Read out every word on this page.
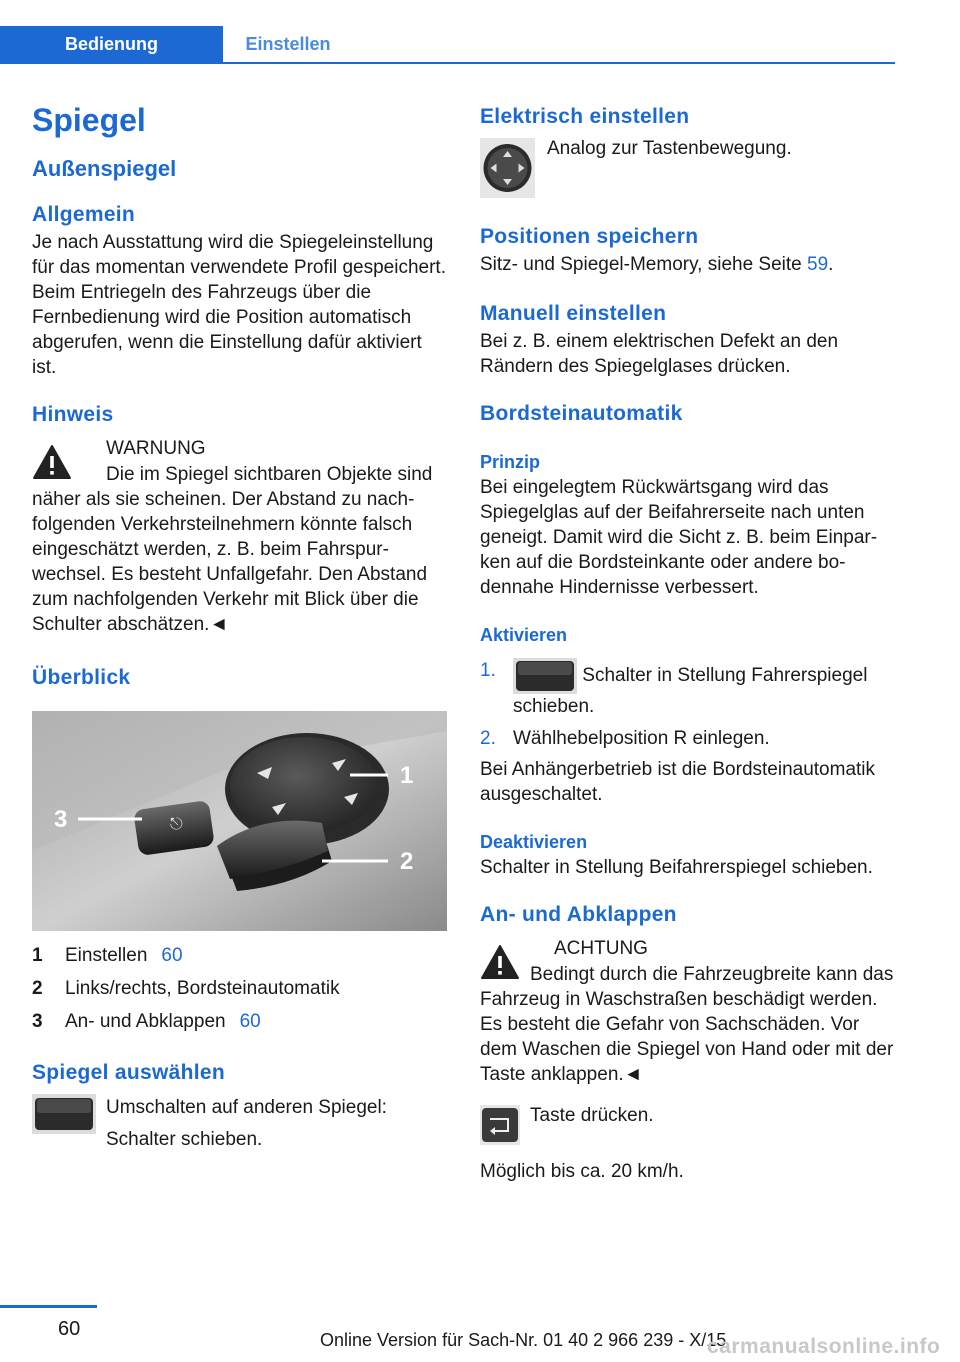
Bedienung	Einstellen
Spiegel
Außenspiegel
Allgemein

Je nach Ausstattung wird die Spiegeleinstellung für das momentan verwendete Profil gespeichert. Beim Entriegeln des Fahrzeugs über die Fernbedienung wird die Position automatisch abgerufen, wenn die Einstellung dafür aktiviert ist.

Hinweis

WARNUNG

Die im Spiegel sichtbaren Objekte sind näher als sie scheinen. Der Abstand zu nachfolgenden Verkehrsteilnehmern könnte falsch eingeschätzt werden, z. B. beim Fahrspurwechsel. Es besteht Unfallgefahr. Den Abstand zum nachfolgenden Verkehr mit Blick über die Schulter abschätzen.◄

Überblick
⎋
1
2
3
1	Einstellen 60
2	Links/rechts, Bordsteinautomatik
3	An- und Abklappen 60
Spiegel auswählen

Umschalten auf anderen Spiegel:

Schalter schieben.

Elektrisch einstellen

Analog zur Tastenbewegung.

Positionen speichern

Sitz- und Spiegel-Memory, siehe Seite 59.

Manuell einstellen

Bei z. B. einem elektrischen Defekt an den Rändern des Spiegelglases drücken.

Bordsteinautomatik
Prinzip

Bei eingelegtem Rückwärtsgang wird das Spiegelglas auf der Beifahrerseite nach unten geneigt. Damit wird die Sicht z. B. beim Einparken auf die Bordsteinkante oder andere bodennahe Hindernisse verbessert.

Aktivieren
1.	Schalter in Stellung Fahrerspiegel schieben.
2. Wählhebelposition R einlegen.

Bei Anhängerbetrieb ist die Bordsteinautomatik ausgeschaltet.

Deaktivieren

Schalter in Stellung Beifahrerspiegel schieben.

An- und Abklappen

ACHTUNG

Bedingt durch die Fahrzeugbreite kann das Fahrzeug in Waschstraßen beschädigt werden. Es besteht die Gefahr von Sachschäden. Vor dem Waschen die Spiegel von Hand oder mit der Taste anklappen.◄

Taste drücken.

Möglich bis ca. 20 km/h.

60	Online Version für Sach-Nr. 01 40 2 966 239 - X/15
carmanualsonline.info
